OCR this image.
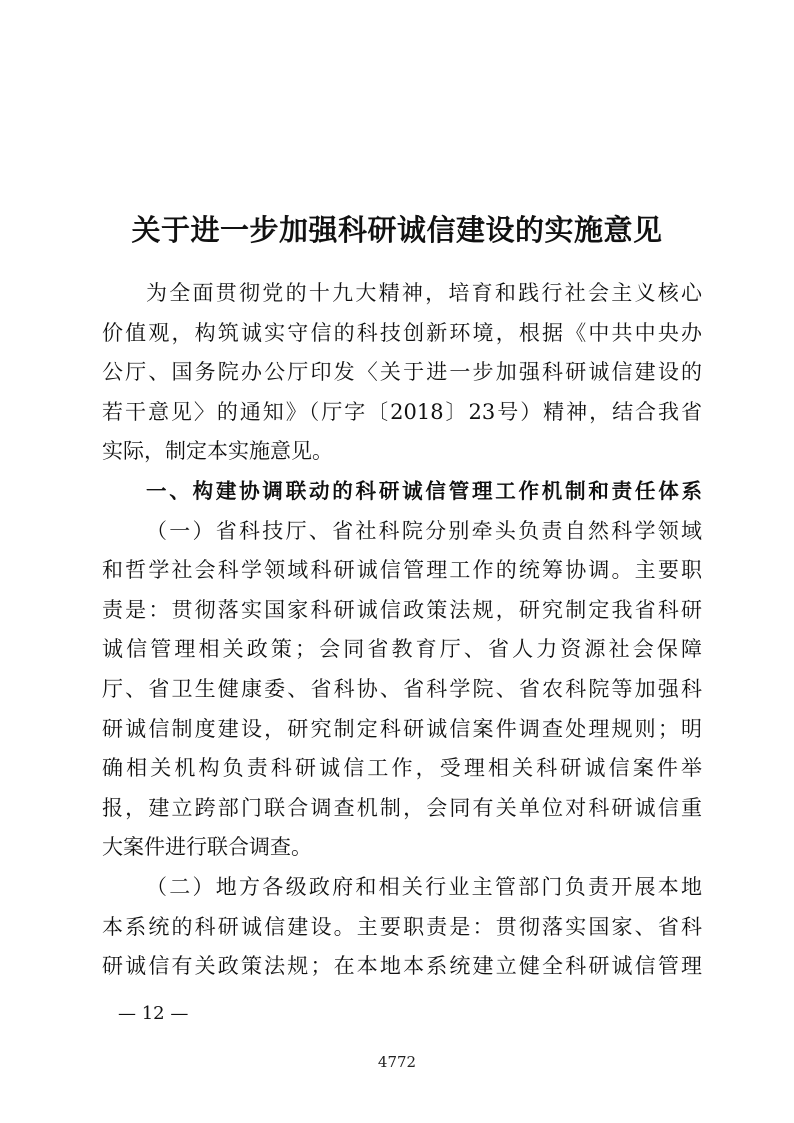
关于进一步加强科研诚信建设的实施意见
为全面贯彻党的十九大精神，培育和践行社会主义核心
价值观，构筑诚实守信的科技创新环境，根据《中共中央办
公厅、国务院办公厅印发〈关于进一步加强科研诚信建设的
若干意见〉的通知》（厅字〔2018〕23号）精神，结合我省
实际，制定本实施意见。
一、构建协调联动的科研诚信管理工作机制和责任体系
（一）省科技厅、省社科院分别牵头负责自然科学领域
和哲学社会科学领域科研诚信管理工作的统筹协调。主要职
责是：贯彻落实国家科研诚信政策法规，研究制定我省科研
诚信管理相关政策；会同省教育厅、省人力资源社会保障
厅、省卫生健康委、省科协、省科学院、省农科院等加强科
研诚信制度建设，研究制定科研诚信案件调查处理规则；明
确相关机构负责科研诚信工作，受理相关科研诚信案件举
报，建立跨部门联合调查机制，会同有关单位对科研诚信重
大案件进行联合调查。
（二）地方各级政府和相关行业主管部门负责开展本地
本系统的科研诚信建设。主要职责是：贯彻落实国家、省科
研诚信有关政策法规；在本地本系统建立健全科研诚信管理
— 12 —
4772
